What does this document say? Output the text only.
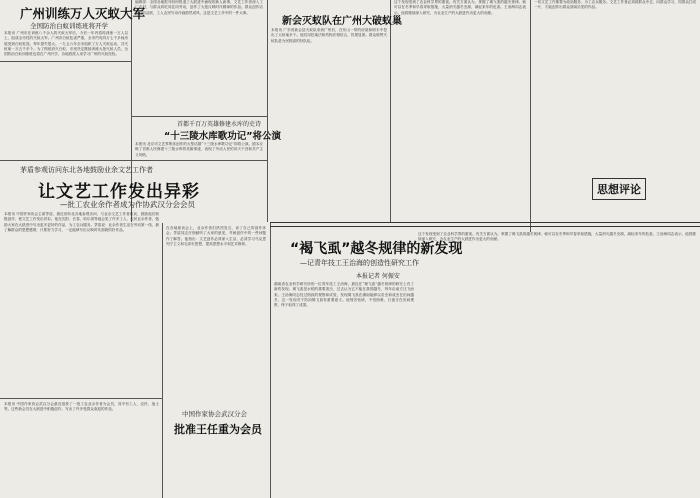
广州训练万人灭蚁大军
全国防治白蚁训练班将开学
本报讯 广州市在训练八千余人的灭蚁大军后，今后一年内将再训练一万人以上，组成全市性的灭蚁大军。广州市白蚁危害严重，全市约有四万七千多间房屋受到白蚁蛀蚀，每年损失很大。一九五六年全市组织了万人灭蚁运动，共灭蚁巢一万五千多个。为了彻底消灭白蚁，市里决定继续训练大批灭蚁人员，全国防治白蚁训练班也将在广州开学，各地将派人来学习广州的灭蚁经验。
编辑部：全国各地报刊纷纷报道了大跃进中涌现的新人新事，文艺工作者深入工厂农村，与群众同吃同住同劳动，创作了大批反映时代精神的作品。群众创作活动空前活跃，工人农民写诗作画蔚然成风，这是文艺工作中的一件大事。
首都千百万英雄修建水库的史诗
“十三陵水库歌功记”将公演
本报讯 北京市文艺界集体创作的大型话剧“十三陵水库歌功记”即将公演。剧本反映了首都人民修建十三陵水库的英雄事迹，表现了劳动人民的冲天干劲和共产主义风格。
新会灭蚁队在广州大破蚁巢
本报讯 广东省新会县灭蚁队来到广州后，在东山一带的房屋和树木中挖出了大蚁巢多个。他们用挖巢法和药物法相结合，效果显著。群众称赞灭蚁队是为民除害的好队伍。
这个发现受到了农业科学界的重视。有关方面认为，掌握了褐飞虱的越冬规律，就可以在冬季和早春采取措施，大量消灭越冬虫源，减轻来年的危害。王治海同志表示，他将继续深入研究，为农业生产的大跃进作出更大的贡献。
一切文艺工作都要为政治服务，为工农兵服务。文艺工作者必须到群众中去，向群众学习，同群众打成一片，才能创作出群众喜闻乐见的作品。
思想评论
茅盾参观访问东北各地鼓励业余文艺工作者
让文艺工作发出异彩
—批工农业余作者成为作协武汉分会会员
本报讯 中国作家协会主席茅盾，最近到东北各地参观访问，与业余文艺工作者座谈，鼓励他们积极创作，使文艺工作发出异彩。他在沈阳、长春、哈尔滨等地会见了许多工人、农民业余作者，勉励大家在大跃进中写出更多更好的作品，为工农兵服务。茅盾说：业余作者生活在劳动第一线，最了解群众的思想感情，只要努力学习，一定能够写出反映时代面貌的好作品。	在各地座谈会上，业余作者们热烈发言，谈了自己的创作体会。茅盾同志仔细倾听了大家的意见，并就创作中的一些问题作了解答。他指出：文艺创作必须深入生活，必须学习马克思列宁主义和毛泽东思想，提高思想水平和艺术修养。
中国作家协会武汉分会
批准王任重为会员
本报讯 中国作家协会武汉分会最近批准了一批工农业余作者为会员，其中有工人、农民、战士等。这些新会员在大跃进中积极创作，写出了许多受群众欢迎的作品。
“褐飞虱”越冬规律的新发现
—记青年技工王治海的创造性研究工作
本报记者 何振安
湖南省农业科学研究所的一位青年技工王治海，最近在“褐飞虱”越冬规律的研究上有了新的发现。褐飞虱是水稻的重要害虫，过去认为它不能在我国越冬，每年由南方迁飞而来。王治海同志经过细致的观察和试验，发现褐飞虱在湖南能够以若虫和成虫在田间越冬，这一发现对于防治褐飞虱有重要意义。他刻苦钻研，不怕困难，日夜守在田间观察，终于取得了成果。
这个发现受到了农业科学界的重视。有关方面认为，掌握了褐飞虱的越冬规律，就可以在冬季和早春采取措施，大量消灭越冬虫源，减轻来年的危害。王治海同志表示，他将继续深入研究，为农业生产的大跃进作出更大的贡献。
